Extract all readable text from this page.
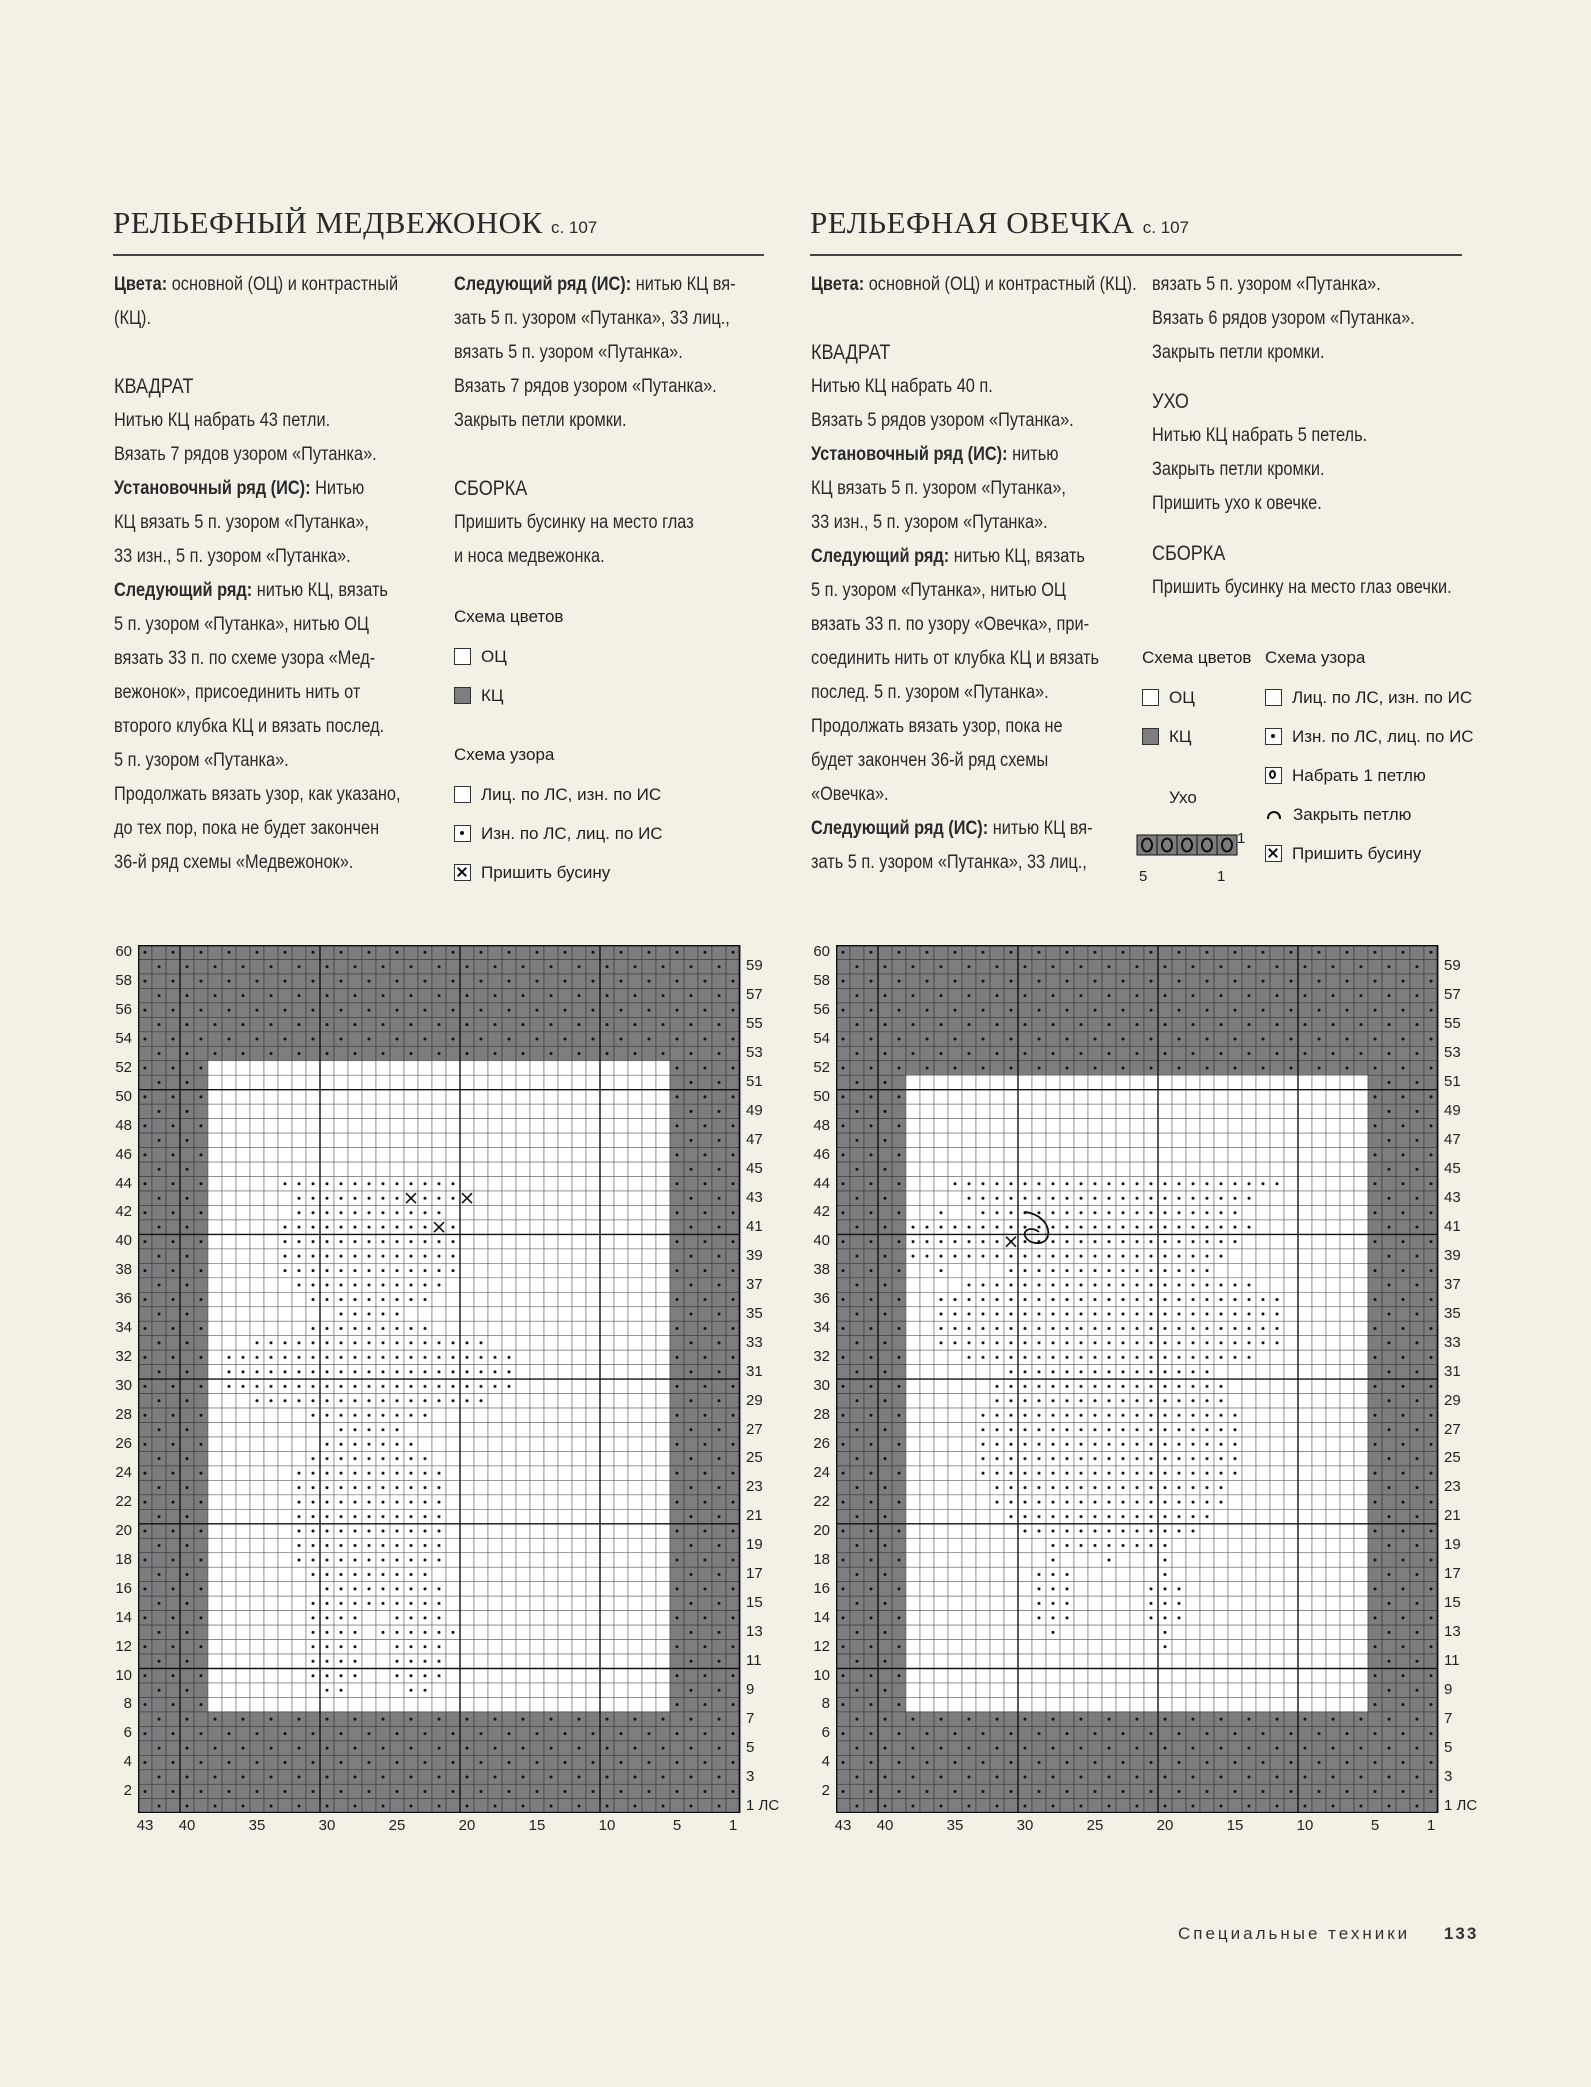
РЕЛЬЕФНЫЙ МЕДВЕЖОНОК с. 107

Цвета: основной (ОЦ) и контрастный

(КЦ).

КВАДРАТ

Нитью КЦ набрать 43 петли.

Вязать 7 рядов узором «Путанка».

Установочный ряд (ИС): Нитью

КЦ вязать 5 п. узором «Путанка»,

33 изн., 5 п. узором «Путанка».

Следующий ряд: нитью КЦ, вязать

5 п. узором «Путанка», нитью ОЦ

вязать 33 п. по схеме узора «Мед-

вежонок», присоединить нить от

второго клубка КЦ и вязать послед.

5 п. узором «Путанка».

Продолжать вязать узор, как указано,

до тех пор, пока не будет закончен

36-й ряд схемы «Медвежонок».

Следующий ряд (ИС): нитью КЦ вя-

зать 5 п. узором «Путанка», 33 лиц.,

вязать 5 п. узором «Путанка».

Вязать 7 рядов узором «Путанка».

Закрыть петли кромки.

СБОРКА

Пришить бусинку на место глаз

и носа медвежонка.

Схема цветов
ОЦ
КЦ
Схема узора
Лиц. по ЛС, изн. по ИС
Изн. по ЛС, лиц. по ИС
Пришить бусину
РЕЛЬЕФНАЯ ОВЕЧКА с. 107

Цвета: основной (ОЦ) и контрастный (КЦ).

КВАДРАТ

Нитью КЦ набрать 40 п.

Вязать 5 рядов узором «Путанка».

Установочный ряд (ИС): нитью

КЦ вязать 5 п. узором «Путанка»,

33 изн., 5 п. узором «Путанка».

Следующий ряд: нитью КЦ, вязать

5 п. узором «Путанка», нитью ОЦ

вязать 33 п. по узору «Овечка», при-

соединить нить от клубка КЦ и вязать

послед. 5 п. узором «Путанка».

Продолжать вязать узор, пока не

будет закончен 36-й ряд схемы

«Овечка».

Следующий ряд (ИС): нитью КЦ вя-

зать 5 п. узором «Путанка», 33 лиц.,

вязать 5 п. узором «Путанка».

Вязать 6 рядов узором «Путанка».

Закрыть петли кромки.

УХО

Нитью КЦ набрать 5 петель.

Закрыть петли кромки.

Пришить ухо к овечке.

СБОРКА

Пришить бусинку на место глаз овечки.

Схема цветов
ОЦ
КЦ
Схема узора
Лиц. по ЛС, изн. по ИС
Изн. по ЛС, лиц. по ИС
Набрать 1 петлю
Закрыть петлю
Пришить бусину
Ухо
1
5	1
60
58
56
54
52
50
48
46
44
42
40
38
36
34
32
30
28
26
24
22
20
18
16
14
12
10
8
6
4
2
59
57
55
53
51
49
47
45
43
41
39
37
35
33
31
29
27
25
23
21
19
17
15
13
11
9
7
5
3
1 ЛС
43 40	35	30	25	20	15	10	5	1
60
58
56
54
52
50
48
46
44
42
40
38
36
34
32
30
28
26
24
22
20
18
16
14
12
10
8
6
4
2
59
57
55
53
51
49
47
45
43
41
39
37
35
33
31
29
27
25
23
21
19
17
15
13
11
9
7
5
3
1 ЛС
43 40	35	30	25	20	15	10	5	1
Специальные техники 133
